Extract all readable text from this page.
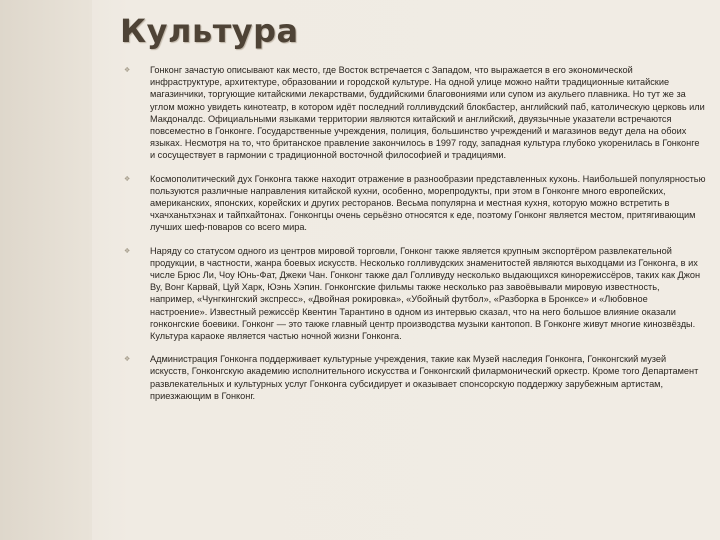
Культура
❖ Гонконг зачастую описывают как место, где Восток встречается с Западом, что выражается в его экономической инфраструктуре, архитектуре, образовании и городской культуре. На одной улице можно найти традиционные китайские магазинчики, торгующие китайскими лекарствами, буддийскими благовониями или супом из акульего плавника. Но тут же за углом можно увидеть кинотеатр, в котором идёт последний голливудский блокбастер, английский паб, католическую церковь или Макдоналдс. Официальными языками территории являются китайский и английский, двуязычные указатели встречаются повсеместно в Гонконге. Государственные учреждения, полиция, большинство учреждений и магазинов ведут дела на обоих языках. Несмотря на то, что британское правление закончилось в 1997 году, западная культура глубоко укоренилась в Гонконге и сосуществует в гармонии с традиционной восточной философией и традициями.
❖ Космополитический дух Гонконга также находит отражение в разнообразии представленных кухонь. Наибольшей популярностью пользуются различные направления китайской кухни, особенно, морепродукты, при этом в Гонконге много европейских, американских, японских, корейских и других ресторанов. Весьма популярна и местная кухня, которую можно встретить в чхачханьтхэнах и тайпхайтонах. Гонконгцы очень серьёзно относятся к еде, поэтому Гонконг является местом, притягивающим лучших шеф-поваров со всего мира.
❖ Наряду со статусом одного из центров мировой торговли, Гонконг также является крупным экспортёром развлекательной продукции, в частности, жанра боевых искусств. Несколько голливудских знаменитостей являются выходцами из Гонконга, в их числе Брюс Ли, Чоу Юнь-Фат, Джеки Чан. Гонконг также дал Голливуду несколько выдающихся кинорежиссёров, таких как Джон Ву, Вонг Карвай, Цуй Харк, Юэнь Хэпин. Гонконгские фильмы также несколько раз завоёвывали мировую известность, например, «Чунгкингский экспресс», «Двойная рокировка», «Убойный футбол», «Разборка в Бронксе» и «Любовное настроение». Известный режиссёр Квентин Тарантино в одном из интервью сказал, что на него большое влияние оказали гонконгские боевики. Гонконг — это также главный центр производства музыки кантопоп. В Гонконге живут многие кинозвёзды. Культура караоке является частью ночной жизни Гонконга.
❖ Администрация Гонконга поддерживает культурные учреждения, такие как Музей наследия Гонконга, Гонконгский музей искусств, Гонконгскую академию исполнительного искусства и Гонконгский филармонический оркестр. Кроме того Департамент развлекательных и культурных услуг Гонконга субсидирует и оказывает спонсорскую поддержку зарубежным артистам, приезжающим в Гонконг.
